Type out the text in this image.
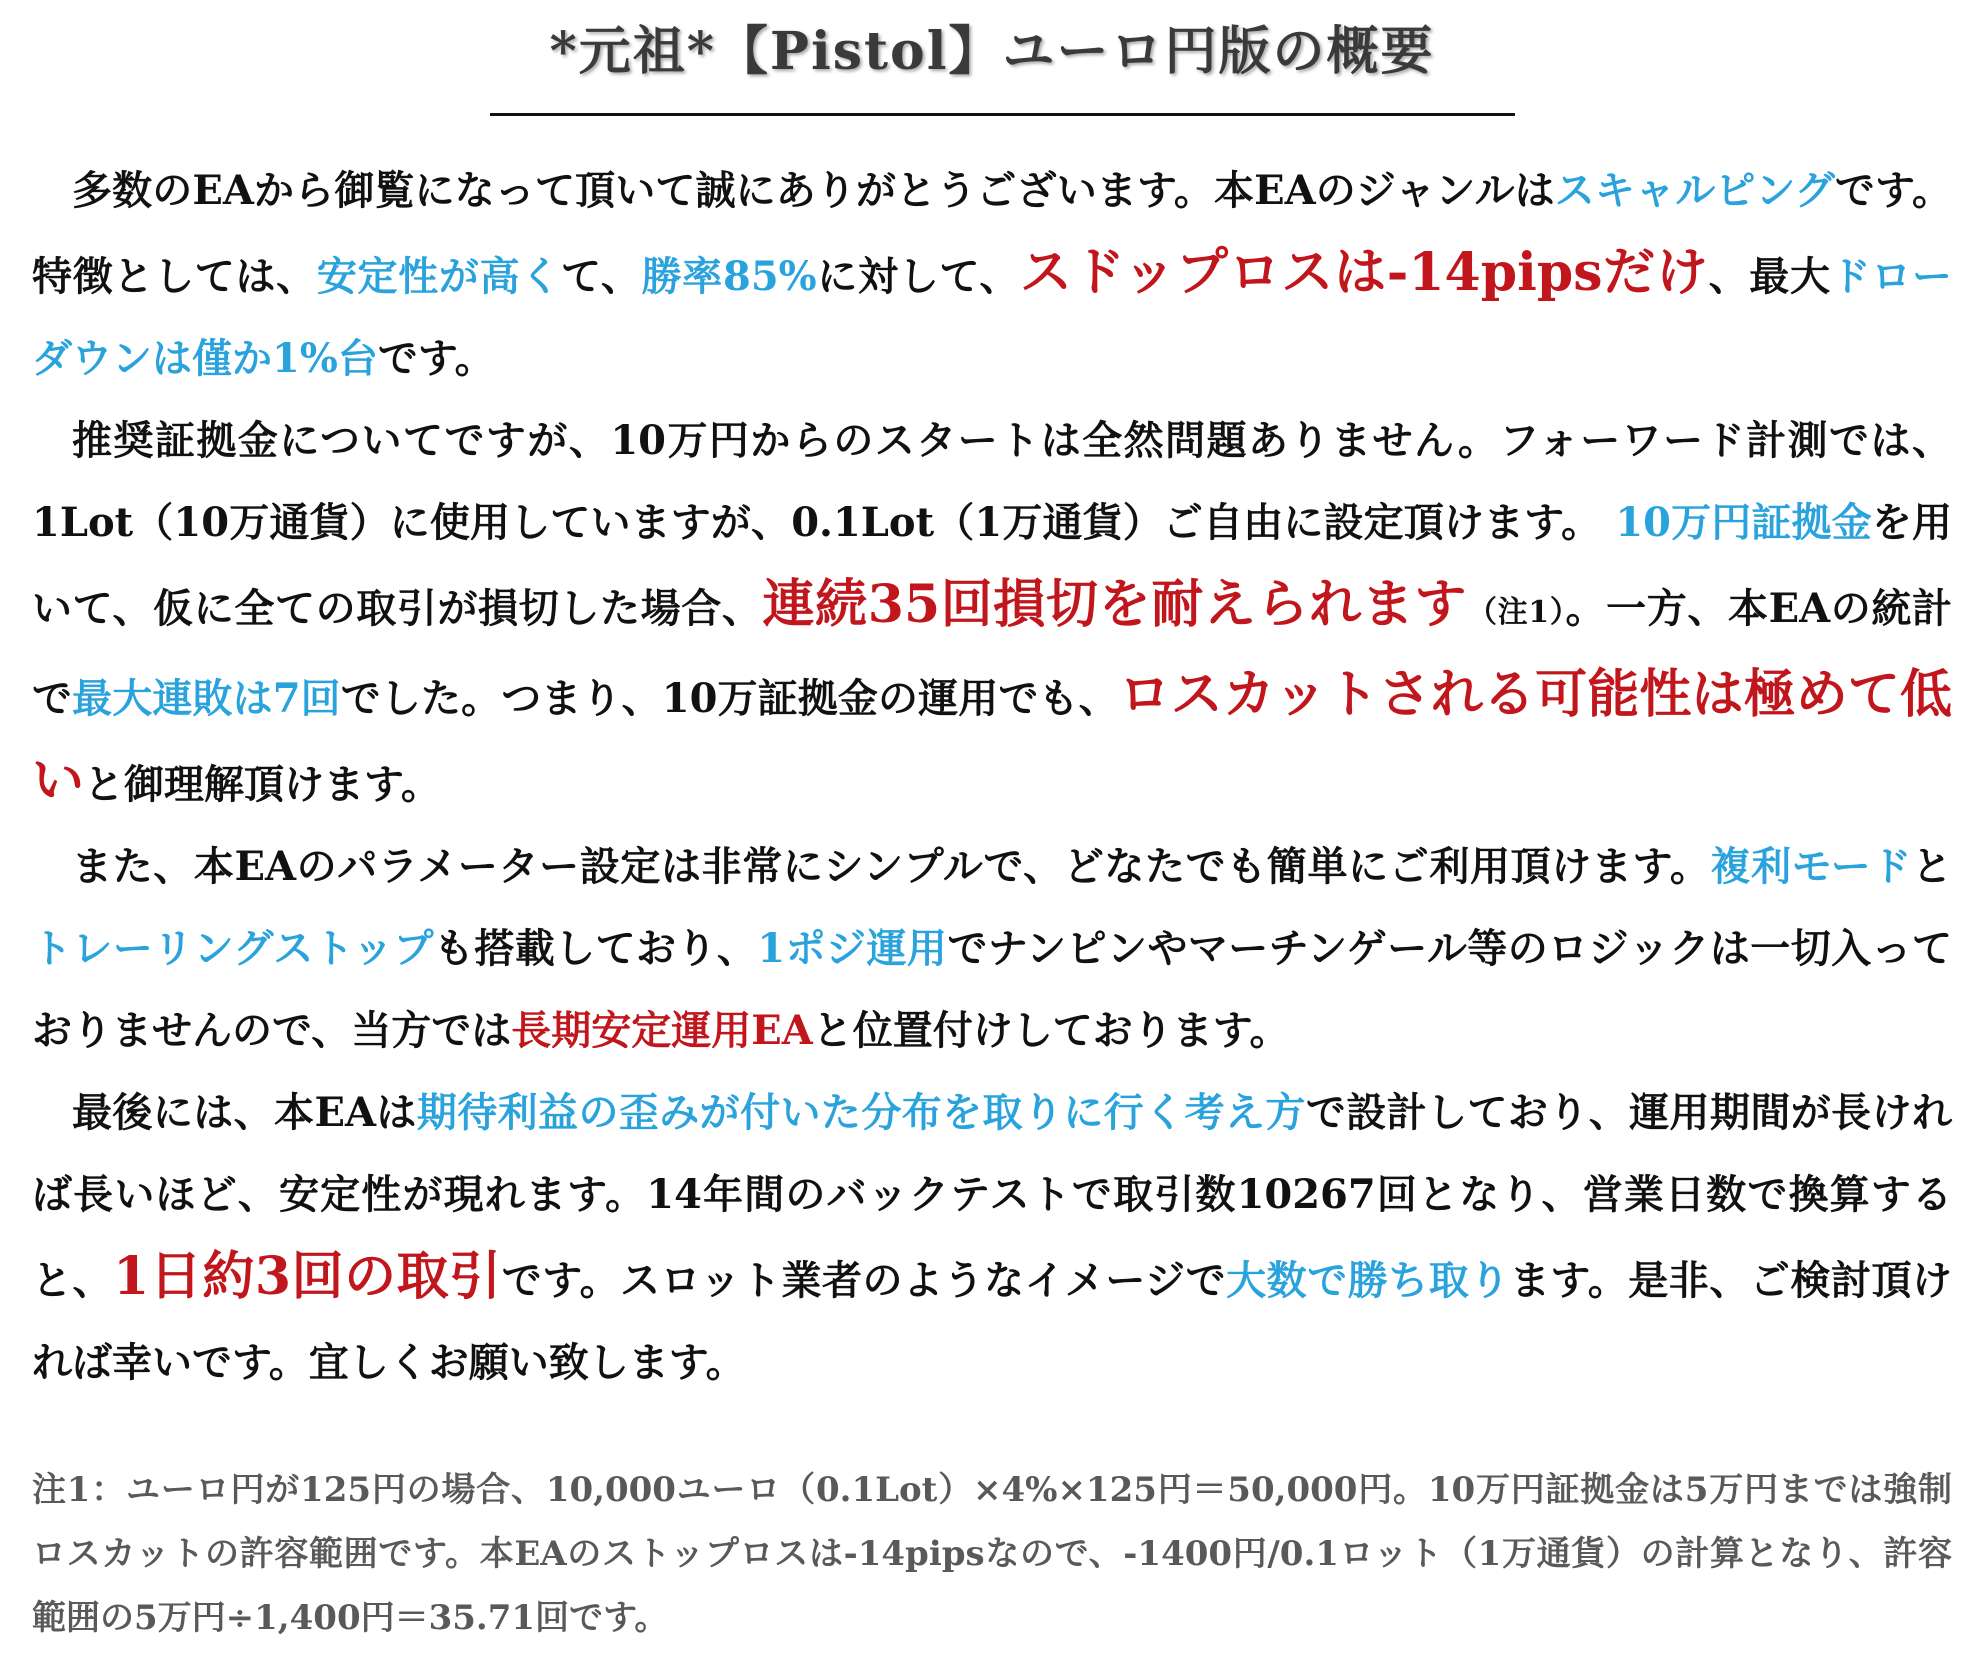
*元祖*【Pistol】ユーロ円版の概要

多数のEAから御覧になって頂いて誠にありがとうございます。本EAのジャンルはスキャルピングです。特徴としては、安定性が高くて、勝率85%に対して、スドップロスは-14pipsだけ、最大ドローダウンは僅か1%台です。

推奨証拠金についてですが、10万円からのスタートは全然問題ありません。フォーワード計測では、1Lot（10万通貨）に使用していますが、0.1Lot（1万通貨）ご自由に設定頂けます。 10万円証拠金を用いて、仮に全ての取引が損切した場合、連続35回損切を耐えられます（注1）。一方、本EAの統計で最大連敗は7回でした。つまり、10万証拠金の運用でも、ロスカットされる可能性は極めて低いと御理解頂けます。

また、本EAのパラメーター設定は非常にシンプルで、どなたでも簡単にご利用頂けます。複利モードとトレーリングストップも搭載しており、1ポジ運用でナンピンやマーチンゲール等のロジックは一切入っておりませんので、当方では長期安定運用EAと位置付けしております。

最後には、本EAは期待利益の歪みが付いた分布を取りに行く考え方で設計しており、運用期間が長ければ長いほど、安定性が現れます。14年間のバックテストで取引数10267回となり、営業日数で換算すると、1日約3回の取引です。スロット業者のようなイメージで大数で勝ち取ります。是非、ご検討頂ければ幸いです。宜しくお願い致します。

注1：ユーロ円が125円の場合、10,000ユーロ（0.1Lot）×4%×125円＝50,000円。10万円証拠金は5万円までは強制ロスカットの許容範囲です。本EAのストップロスは-14pipsなので、-1400円/0.1ロット（1万通貨）の計算となり、許容範囲の5万円÷1,400円＝35.71回です。
